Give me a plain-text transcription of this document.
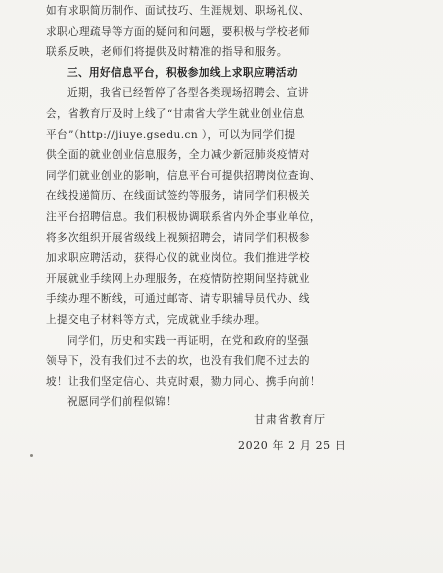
如有求职简历制作、面试技巧、生涯规划、职场礼仪、
求职心理疏导等方面的疑问和问题，要积极与学校老师
联系反映，老师们将提供及时精准的指导和服务。
三、用好信息平台，积极参加线上求职应聘活动
近期，我省已经暂停了各型各类现场招聘会、宣讲
会，省教育厅及时上线了“甘肃省大学生就业创业信息
平台”（http://jiuye.gsedu.cn ），可以为同学们提
供全面的就业创业信息服务，全力减少新冠肺炎疫情对
同学们就业创业的影响，信息平台可提供招聘岗位查询、
在线投递简历、在线面试签约等服务，请同学们积极关
注平台招聘信息。我们积极协调联系省内外企事业单位，
将多次组织开展省级线上视频招聘会，请同学们积极参
加求职应聘活动，获得心仪的就业岗位。我们推进学校
开展就业手续网上办理服务，在疫情防控期间坚持就业
手续办理不断线，可通过邮寄、请专职辅导员代办、线
上提交电子材料等方式，完成就业手续办理。
同学们，历史和实践一再证明，在党和政府的坚强
领导下，没有我们过不去的坎，也没有我们爬不过去的
坡！让我们坚定信心、共克时艰，勠力同心、携手向前！
祝愿同学们前程似锦！
甘肃省教育厅
2020 年 2 月 25 日
